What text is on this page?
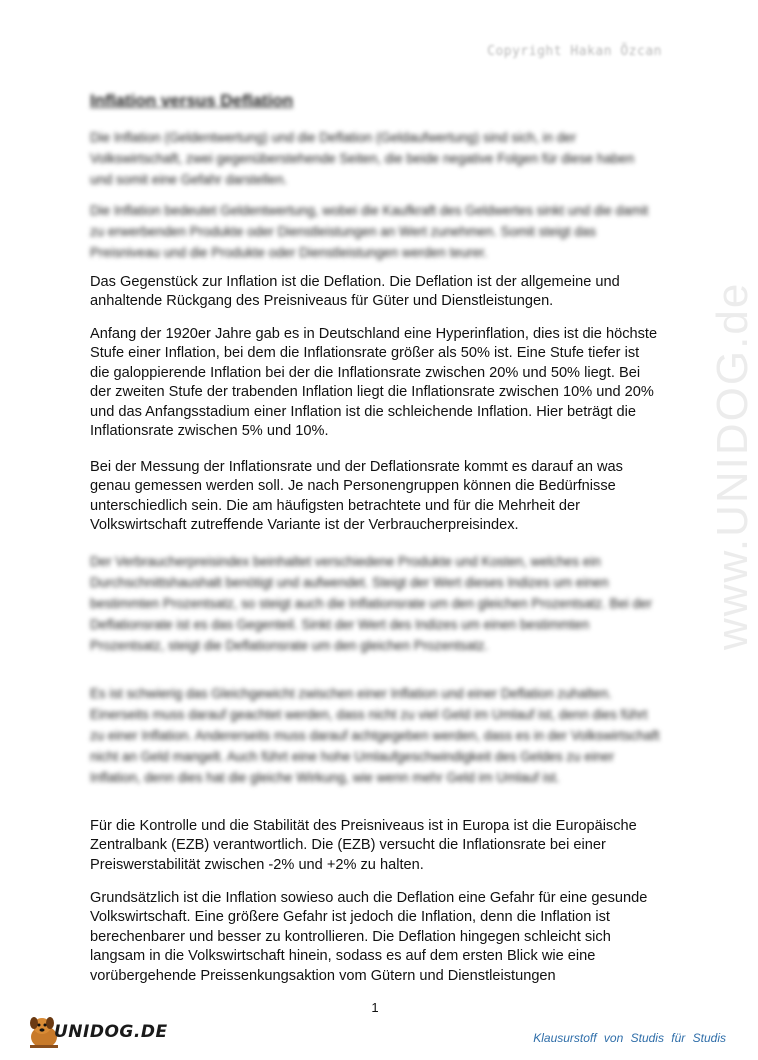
www.UNIDOG.de
Copyright Hakan Özcan
Inflation versus Deflation

Die Inflation (Geldentwertung) und die Deflation (Geldaufwertung) sind sich, in der Volkswirtschaft, zwei gegenüberstehende Seiten, die beide negative Folgen für diese haben und somit eine Gefahr darstellen.

Die Inflation bedeutet Geldentwertung, wobei die Kaufkraft des Geldwertes sinkt und die damit zu erwerbenden Produkte oder Dienstleistungen an Wert zunehmen. Somit steigt das Preisniveau und die Produkte oder Dienstleistungen werden teurer.

Das Gegenstück zur Inflation ist die Deflation. Die Deflation ist der allgemeine und anhaltende Rückgang des Preisniveaus für Güter und Dienstleistungen.

Anfang der 1920er Jahre gab es in Deutschland eine Hyperinflation, dies ist die höchste Stufe einer Inflation, bei dem die Inflationsrate größer als 50% ist. Eine Stufe tiefer ist die galoppierende Inflation bei der die Inflationsrate zwischen 20% und 50% liegt. Bei der zweiten Stufe der trabenden Inflation liegt die Inflationsrate zwischen 10% und 20% und das Anfangsstadium einer Inflation ist die schleichende Inflation. Hier beträgt die Inflationsrate zwischen 5% und 10%.

Bei der Messung der Inflationsrate und der Deflationsrate kommt es darauf an was genau gemessen werden soll. Je nach Personengruppen können die Bedürfnisse unterschiedlich sein. Die am häufigsten betrachtete und für die Mehrheit der Volkswirtschaft zutreffende Variante ist der Verbraucherpreisindex.

Der Verbraucherpreisindex beinhaltet verschiedene Produkte und Kosten, welches ein Durchschnittshaushalt benötigt und aufwendet. Steigt der Wert dieses Indizes um einen bestimmten Prozentsatz, so steigt auch die Inflationsrate um den gleichen Prozentsatz. Bei der Deflationsrate ist es das Gegenteil. Sinkt der Wert des Indizes um einen bestimmten Prozentsatz, steigt die Deflationsrate um den gleichen Prozentsatz.

Es ist schwierig das Gleichgewicht zwischen einer Inflation und einer Deflation zuhalten. Einerseits muss darauf geachtet werden, dass nicht zu viel Geld im Umlauf ist, denn dies führt zu einer Inflation. Andererseits muss darauf achtgegeben werden, dass es in der Volkswirtschaft nicht an Geld mangelt. Auch führt eine hohe Umlaufgeschwindigkeit des Geldes zu einer Inflation, denn dies hat die gleiche Wirkung, wie wenn mehr Geld im Umlauf ist.

Für die Kontrolle und die Stabilität des Preisniveaus ist in Europa ist die Europäische Zentralbank (EZB) verantwortlich. Die (EZB) versucht die Inflationsrate bei einer Preiswerstabilität zwischen -2% und +2% zu halten.

Grundsätzlich ist die Inflation sowieso auch die Deflation eine Gefahr für eine gesunde Volkswirtschaft. Eine größere Gefahr ist jedoch die Inflation, denn die Inflation ist berechenbarer und besser zu kontrollieren. Die Deflation hingegen schleicht sich langsam in die Volkswirtschaft hinein, sodass es auf dem ersten Blick wie eine vorübergehende Preissenkungsaktion vom Gütern und Dienstleistungen

1
UNIDOG.DE	Klausurstoff von Studis für Studis
